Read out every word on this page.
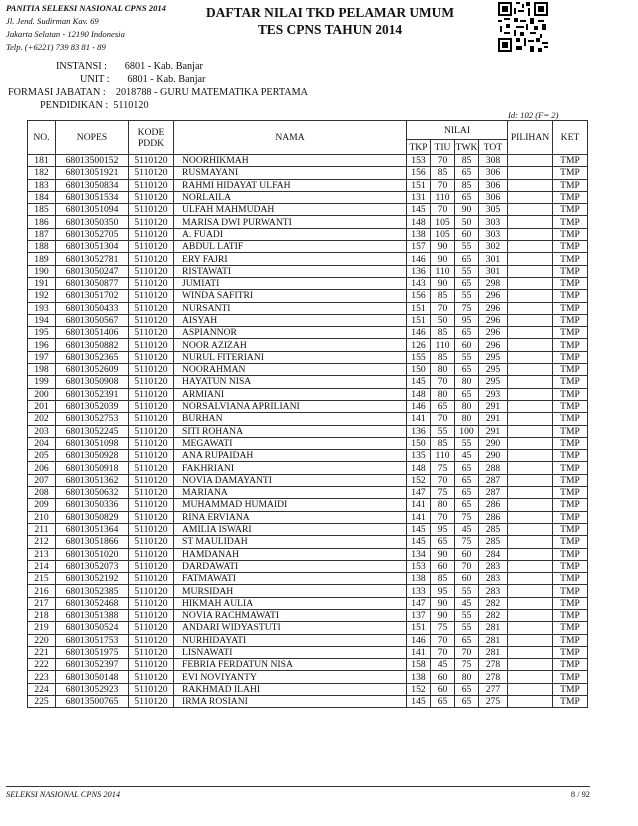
PANITIA SELEKSI NASIONAL CPNS 2014
Jl. Jend. Sudirman Kav. 69
Jakarta Selatan - 12190 Indonesia
Telp. (+6221) 739 83 81 - 89
DAFTAR NILAI TKD PELAMAR UMUM
TES CPNS TAHUN 2014
INSTANSI :       6801 - Kab. Banjar
UNIT :       6801 - Kab. Banjar
FORMASI JABATAN :    2018788 - GURU MATEMATIKA PERTAMA
PENDIDIKAN :  5110120
Id: 102 (F= 2)
NO.	NOPES	KODE PDDK	NAMA	NILAI				PILIHAN	KET
				TKP	TIU	TWK	TOT		
181	68013500152	5110120	NOORHIKMAH	153	70	85	308		TMP
182	68013051921	5110120	RUSMAYANI	156	85	65	306		TMP
183	68013050834	5110120	RAHMI HIDAYAT ULFAH	151	70	85	306		TMP
184	68013051534	5110120	NORLAILA	131	110	65	306		TMP
185	68013051094	5110120	ULFAH MAHMUDAH	145	70	90	305		TMP
186	68013050350	5110120	MARISA DWI PURWANTI	148	105	50	303		TMP
187	68013052705	5110120	A. FUADI	138	105	60	303		TMP
188	68013051304	5110120	ABDUL LATIF	157	90	55	302		TMP
189	68013052781	5110120	ERY FAJRI	146	90	65	301		TMP
190	68013050247	5110120	RISTAWATI	136	110	55	301		TMP
191	68013050877	5110120	JUMIATI	143	90	65	298		TMP
192	68013051702	5110120	WINDA SAFITRI	156	85	55	296		TMP
193	68013050433	5110120	NURSANTI	151	70	75	296		TMP
194	68013050567	5110120	AISYAH	151	50	95	296		TMP
195	68013051406	5110120	ASPIANNOR	146	85	65	296		TMP
196	68013050882	5110120	NOOR AZIZAH	126	110	60	296		TMP
197	68013052365	5110120	NURUL FITERIANI	155	85	55	295		TMP
198	68013052609	5110120	NOORAHMAN	150	80	65	295		TMP
199	68013050908	5110120	HAYATUN NISA	145	70	80	295		TMP
200	68013052391	5110120	ARMIANI	148	80	65	293		TMP
201	68013052039	5110120	NORSALVIANA APRILIANI	146	65	80	291		TMP
202	68013052753	5110120	BURHAN	141	70	80	291		TMP
203	68013052245	5110120	SITI ROHANA	136	55	100	291		TMP
204	68013051098	5110120	MEGAWATI	150	85	55	290		TMP
205	68013050928	5110120	ANA RUPAIDAH	135	110	45	290		TMP
206	68013050918	5110120	FAKHRIANI	148	75	65	288		TMP
207	68013051362	5110120	NOVIA DAMAYANTI	152	70	65	287		TMP
208	68013050632	5110120	MARIANA	147	75	65	287		TMP
209	68013050336	5110120	MUHAMMAD HUMAIDI	141	80	65	286		TMP
210	68013050829	5110120	RINA ERVIANA	141	70	75	286		TMP
211	68013051364	5110120	AMILIA ISWARI	145	95	45	285		TMP
212	68013051866	5110120	ST MAULIDAH	145	65	75	285		TMP
213	68013051020	5110120	HAMDANAH	134	90	60	284		TMP
214	68013052073	5110120	DARDAWATI	153	60	70	283		TMP
215	68013052192	5110120	FATMAWATI	138	85	60	283		TMP
216	68013052385	5110120	MURSIDAH	133	95	55	283		TMP
217	68013052468	5110120	HIKMAH AULIA	147	90	45	282		TMP
218	68013051388	5110120	NOVIA RACHMAWATI	137	90	55	282		TMP
219	68013050524	5110120	ANDARI WIDYASTUTI	151	75	55	281		TMP
220	68013051753	5110120	NURHIDAYATI	146	70	65	281		TMP
221	68013051975	5110120	LISNAWATI	141	70	70	281		TMP
222	68013052397	5110120	FEBRIA FERDATUN NISA	158	45	75	278		TMP
223	68013050148	5110120	EVI NOVIYANTY	138	60	80	278		TMP
224	68013052923	5110120	RAKHMAD ILAHI	152	60	65	277		TMP
225	68013500765	5110120	IRMA ROSIANI	145	65	65	275		TMP
SELEKSI NASIONAL CPNS 2014	8 / 92
